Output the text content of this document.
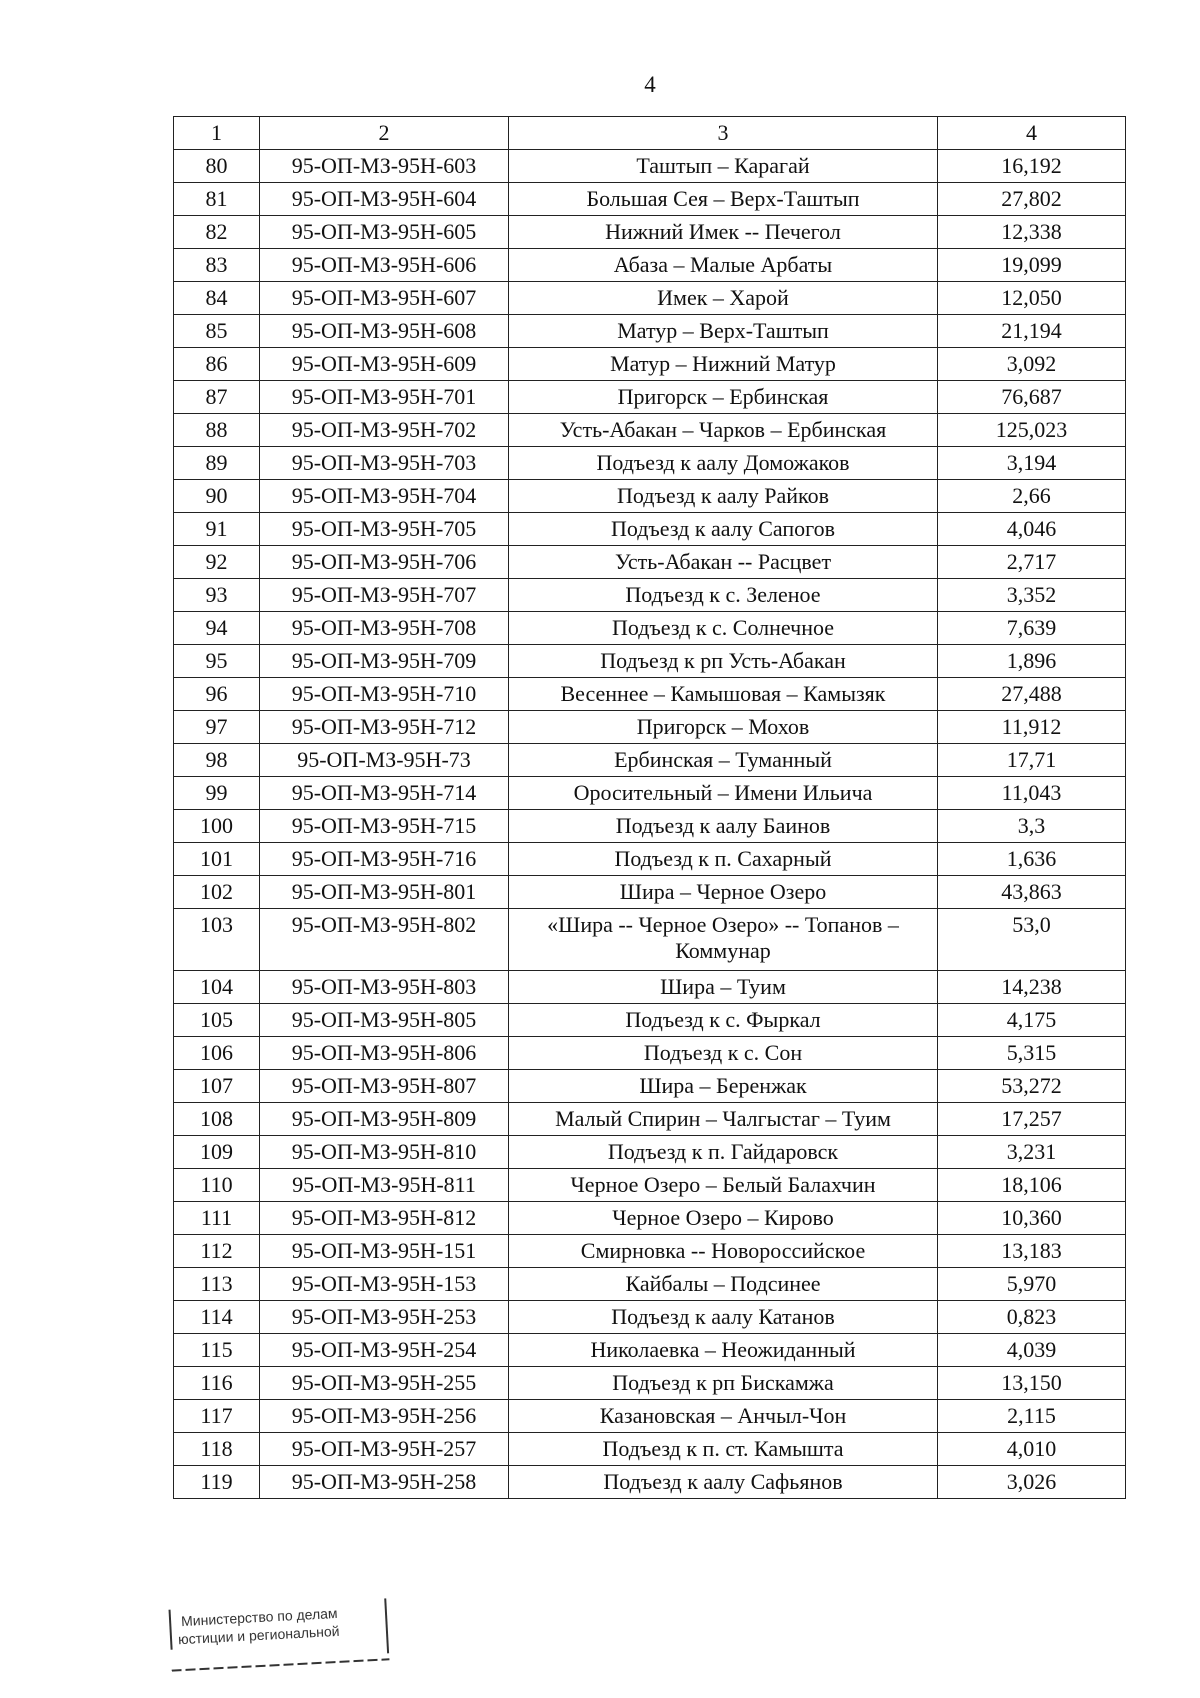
4
1	2	3	4
80	95-ОП-МЗ-95Н-603	Таштып – Карагай	16,192
81	95-ОП-МЗ-95Н-604	Большая Сея – Верх-Таштып	27,802
82	95-ОП-МЗ-95Н-605	Нижний Имек -- Печегол	12,338
83	95-ОП-МЗ-95Н-606	Абаза – Малые Арбаты	19,099
84	95-ОП-МЗ-95Н-607	Имек – Харой	12,050
85	95-ОП-МЗ-95Н-608	Матур – Верх-Таштып	21,194
86	95-ОП-МЗ-95Н-609	Матур – Нижний Матур	3,092
87	95-ОП-МЗ-95Н-701	Пригорск – Ербинская	76,687
88	95-ОП-МЗ-95Н-702	Усть-Абакан – Чарков – Ербинская	125,023
89	95-ОП-МЗ-95Н-703	Подъезд к аалу Доможаков	3,194
90	95-ОП-МЗ-95Н-704	Подъезд к аалу Райков	2,66
91	95-ОП-МЗ-95Н-705	Подъезд к аалу Сапогов	4,046
92	95-ОП-МЗ-95Н-706	Усть-Абакан -- Расцвет	2,717
93	95-ОП-МЗ-95Н-707	Подъезд к с. Зеленое	3,352
94	95-ОП-МЗ-95Н-708	Подъезд к с. Солнечное	7,639
95	95-ОП-МЗ-95Н-709	Подъезд к рп Усть-Абакан	1,896
96	95-ОП-МЗ-95Н-710	Весеннее – Камышовая – Камызяк	27,488
97	95-ОП-МЗ-95Н-712	Пригорск – Мохов	11,912
98	95-ОП-МЗ-95Н-73	Ербинская – Туманный	17,71
99	95-ОП-МЗ-95Н-714	Оросительный – Имени Ильича	11,043
100	95-ОП-МЗ-95Н-715	Подъезд к аалу Баинов	3,3
101	95-ОП-МЗ-95Н-716	Подъезд к п. Сахарный	1,636
102	95-ОП-МЗ-95Н-801	Шира – Черное Озеро	43,863
103	95-ОП-МЗ-95Н-802	«Шира -- Черное Озеро» -- Топанов – Коммунар	53,0
104	95-ОП-МЗ-95Н-803	Шира – Туим	14,238
105	95-ОП-МЗ-95Н-805	Подъезд к с. Фыркал	4,175
106	95-ОП-МЗ-95Н-806	Подъезд к с. Сон	5,315
107	95-ОП-МЗ-95Н-807	Шира – Беренжак	53,272
108	95-ОП-МЗ-95Н-809	Малый Спирин – Чалгыстаг – Туим	17,257
109	95-ОП-МЗ-95Н-810	Подъезд к п. Гайдаровск	3,231
110	95-ОП-МЗ-95Н-811	Черное Озеро – Белый Балахчин	18,106
111	95-ОП-МЗ-95Н-812	Черное Озеро – Кирово	10,360
112	95-ОП-МЗ-95Н-151	Смирновка -- Новороссийское	13,183
113	95-ОП-МЗ-95Н-153	Кайбалы – Подсинее	5,970
114	95-ОП-МЗ-95Н-253	Подъезд к аалу Катанов	0,823
115	95-ОП-МЗ-95Н-254	Николаевка – Неожиданный	4,039
116	95-ОП-МЗ-95Н-255	Подъезд к рп Бискамжа	13,150
117	95-ОП-МЗ-95Н-256	Казановская – Анчыл-Чон	2,115
118	95-ОП-МЗ-95Н-257	Подъезд к п. ст. Камышта	4,010
119	95-ОП-МЗ-95Н-258	Подъезд к аалу Сафьянов	3,026
Министерство по делам
юстиции и региональной
